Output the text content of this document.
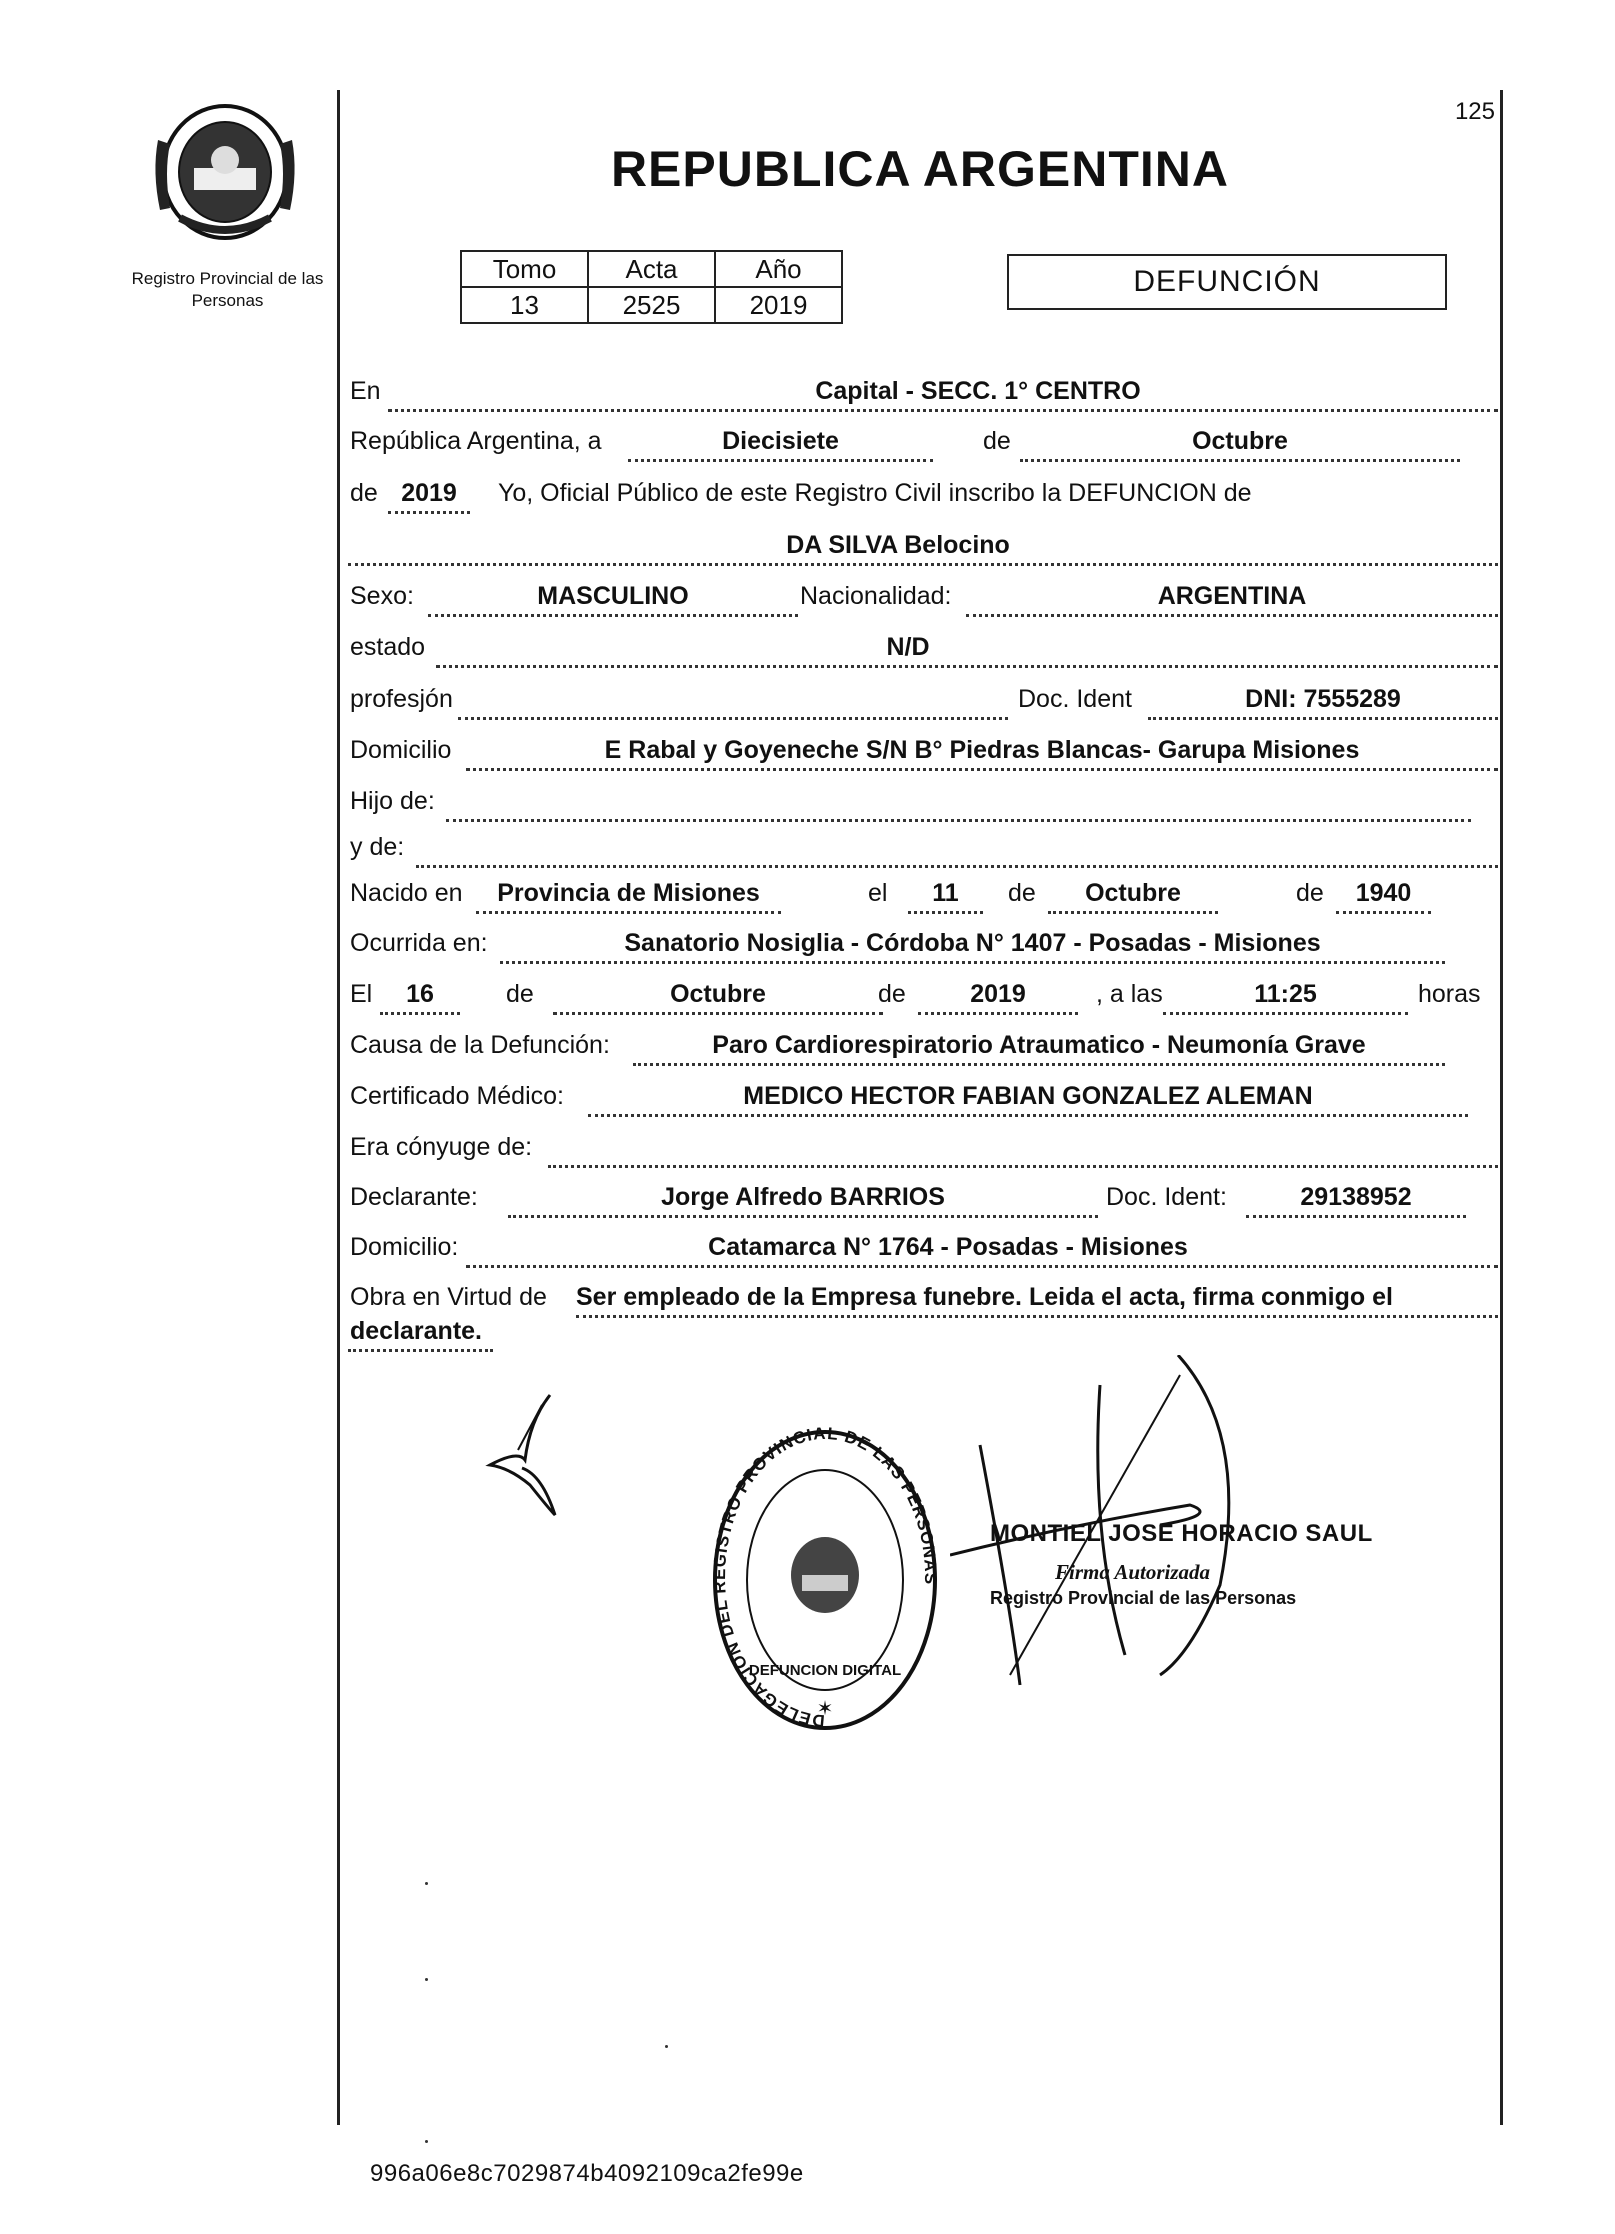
125
Registro Provincial de las Personas
REPUBLICA ARGENTINA
Tomo	Acta	Año
13	2525	2019
DEFUNCIÓN
En	Capital - SECC. 1° CENTRO
República Argentina, a	Diecisiete	de	Octubre
de 2019	Yo, Oficial Público de este Registro Civil inscribo la DEFUNCION de
DA SILVA Belocino
Sexo:	MASCULINO	Nacionalidad:	ARGENTINA
estado	N/D
profesjón	Doc. Ident	DNI: 7555289
Domicilio	E Rabal y Goyeneche S/N B° Piedras Blancas- Garupa Misiones
Hijo de:
y de:
Nacido en	Provincia de Misiones	el	11	de	Octubre	de	1940
Ocurrida en:	Sanatorio Nosiglia - Córdoba N° 1407 - Posadas - Misiones
El	16	de	Octubre	de	2019	, a las	11:25	horas
Causa de la Defunción:	Paro Cardiorespiratorio Atraumatico - Neumonía Grave
Certificado Médico:	MEDICO HECTOR FABIAN GONZALEZ ALEMAN
Era cónyuge de:
Declarante:	Jorge Alfredo BARRIOS	Doc. Ident:	29138952
Domicilio:	Catamarca N° 1764 - Posadas - Misiones
Obra en Virtud de Ser empleado de la Empresa funebre. Leida el acta, firma conmigo el
declarante.
DELEGACION DEL REGISTRO PROVINCIAL DE LAS PERSONAS
DEFUNCION DIGITAL
✶
MONTIEL JOSE HORACIO SAUL
Firma Autorizada
Registro Provincial de las Personas
996a06e8c7029874b4092109ca2fe99e
